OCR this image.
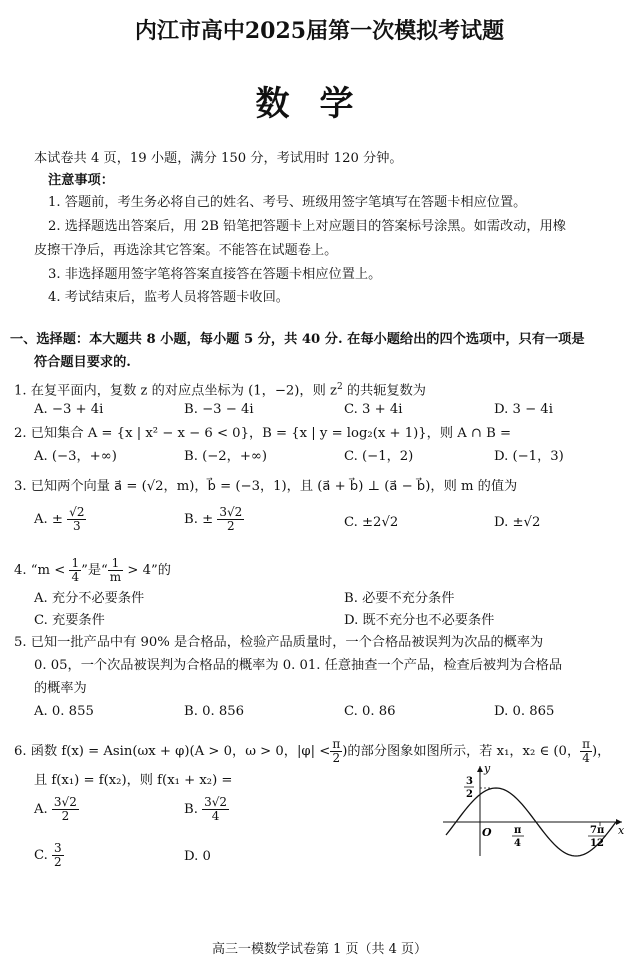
内江市高中2025届第一次模拟考试题
数学
本试卷共 4 页，19 小题，满分 150 分，考试用时 120 分钟。
注意事项：
1. 答题前，考生务必将自己的姓名、考号、班级用签字笔填写在答题卡相应位置。
2. 选择题选出答案后，用 2B 铅笔把答题卡上对应题目的答案标号涂黑。如需改动，用橡
皮擦干净后，再选涂其它答案。不能答在试题卷上。
3. 非选择题用签字笔将答案直接答在答题卡相应位置上。
4. 考试结束后，监考人员将答题卡收回。
一、选择题：本大题共 8 小题，每小题 5 分，共 40 分. 在每小题给出的四个选项中，只有一项是
符合题目要求的.
1. 在复平面内，复数 z 的对应点坐标为 (1，−2)，则 $z^2$ 的共轭复数为
A. −3 + 4i	B. −3 − 4i	C. 3 + 4i	D. 3 − 4i
2. 已知集合 A = {x | x² − x − 6 < 0}，B = {x | y = log₂(x + 1)}，则 A ∩ B =
A. (−3，+∞)	B. (−2，+∞)	C. (−1，2)	D. (−1，3)
3. 已知两个向量 a⃗ = (√2，m)，b⃗ = (−3，1)，且 (a⃗ + b⃗) ⊥ (a⃗ − b⃗)，则 m 的值为
A. ± $\frac{√2}{3}$	B. ± $\frac{3√2}{2}$	C. ±2√2	D. ±√2
4. “$m < \frac{1}{4}$ ”是“ $\frac{1}{m} > 4$”的
A. 充分不必要条件	B. 必要不充分条件
C. 充要条件	D. 既不充分也不必要条件
5. 已知一批产品中有 90% 是合格品，检验产品质量时，一个合格品被误判为次品的概率为
0. 05，一个次品被误判为合格品的概率为 0. 01. 任意抽查一个产品，检查后被判为合格品
的概率为
A. 0. 855	B. 0. 856	C. 0. 86	D. 0. 865
6. 函数 f(x) = Asin(ωx + φ)(A > 0，ω > 0，$|\varphi| < \frac{\pi}{2}$ )的部分图象如图所示，若 x₁，x₂ ∈ (0， $\frac{\pi}{4}$ )，
且 f(x₁) = f(x₂)，则 f(x₁ + x₂) =
A. $\frac{3√2}{2}$	B. $\frac{3√2}{4}$
C. $\frac{3}{2}$	D. 0
y
x
O
3
2
π
4
7π
12
高三一模数学试卷第 1 页（共 4 页）
